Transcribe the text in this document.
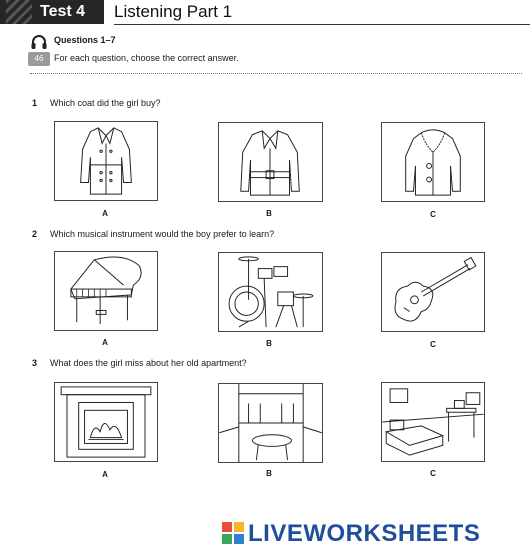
Test 4	Listening Part 1
46
Questions 1–7
For each question, choose the correct answer.
1 Which coat did the girl buy?
A	B	C
2 Which musical instrument would the boy prefer to learn?
A	B	C
3 What does the girl miss about her old apartment?
A	B	C
LIVEWORKSHEETS
